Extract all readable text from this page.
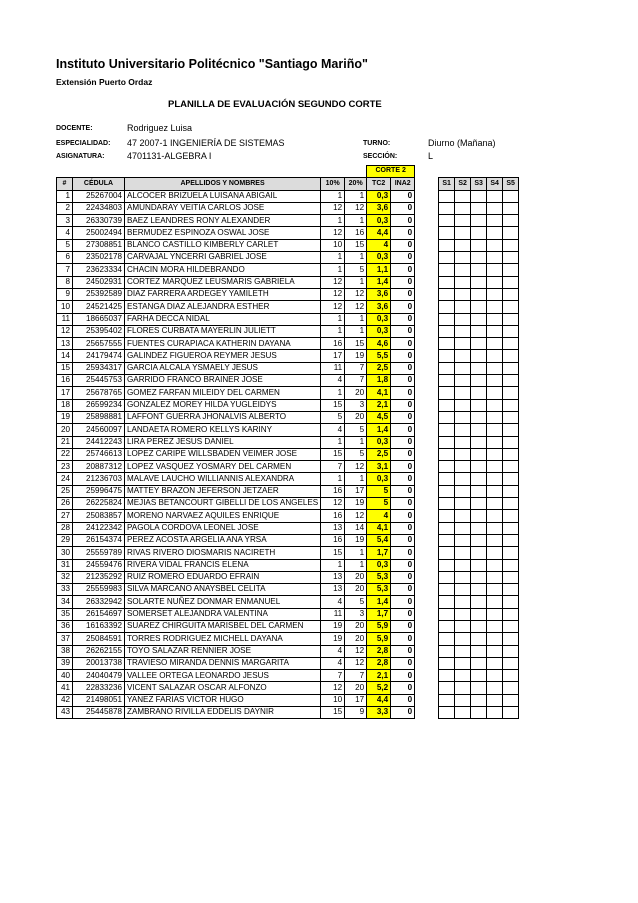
Instituto Universitario Politécnico "Santiago Mariño"
Extensión Puerto Ordaz
PLANILLA DE EVALUACIÓN SEGUNDO CORTE
DOCENTE:	Rodriguez Luisa
ESPECIALIDAD: 47 2007-1 INGENIERÍA DE SISTEMAS
ASIGNATURA:	4701131-ALGEBRA I
TURNO:	Diurno (Mañana)
SECCIÓN:	L
					CORTE 2							
#	CÉDULA	APELLIDOS Y NOMBRES	10%	20%	TC2	INA2		S1	S2	S3	S4	S5
1	25267004	ALCOCER BRIZUELA LUISANA ABIGAIL	1	1	0,3	0						
2	22434803	AMUNDARAY VEITIA CARLOS JOSE	12	12	3,6	0						
3	26330739	BAEZ LEANDRES RONY ALEXANDER	1	1	0,3	0						
4	25002494	BERMUDEZ ESPINOZA OSWAL JOSE	12	16	4,4	0						
5	27308851	BLANCO CASTILLO KIMBERLY CARLET	10	15	4	0						
6	23502178	CARVAJAL YNCERRI GABRIEL JOSE	1	1	0,3	0						
7	23623334	CHACIN MORA HILDEBRANDO	1	5	1,1	0						
8	24502931	CORTEZ MARQUEZ LEUSMARIS GABRIELA	12	1	1,4	0						
9	25392589	DIAZ FARRERA ARDEGEY YAMILETH	12	12	3,6	0						
10	24521425	ESTANGA DIAZ ALEJANDRA ESTHER	12	12	3,6	0						
11	18665037	FARHA DECCA NIDAL	1	1	0,3	0						
12	25395402	FLORES CURBATA MAYERLIN JULIETT	1	1	0,3	0						
13	25657555	FUENTES CURAPIACA KATHERIN DAYANA	16	15	4,6	0						
14	24179474	GALINDEZ FIGUEROA REYMER JESUS	17	19	5,5	0						
15	25934317	GARCIA ALCALA YSMAELY JESUS	11	7	2,5	0						
16	25445753	GARRIDO FRANCO BRAINER JOSE	4	7	1,8	0						
17	25678765	GOMEZ FARFAN MILEIDY DEL CARMEN	1	20	4,1	0						
18	26599234	GONZALEZ MOREY HILDA YUGLEIDYS	15	3	2,1	0						
19	25898881	LAFFONT GUERRA JHONALVIS ALBERTO	5	20	4,5	0						
20	24560097	LANDAETA ROMERO KELLYS KARINY	4	5	1,4	0						
21	24412243	LIRA PEREZ JESUS DANIEL	1	1	0,3	0						
22	25746613	LOPEZ CARIPE WILLSBADEN VEIMER JOSE	15	5	2,5	0						
23	20887312	LOPEZ VASQUEZ YOSMARY DEL CARMEN	7	12	3,1	0						
24	21236703	MALAVE LAUCHO WILLIANNIS ALEXANDRA	1	1	0,3	0						
25	25996475	MATTEY BRAZON JEFERSON JETZAER	16	17	5	0						
26	26225824	MEJIAS BETANCOURT GIBELLI DE LOS ANGELES	12	19	5	0						
27	25083857	MORENO NARVAEZ AQUILES ENRIQUE	16	12	4	0						
28	24122342	PAGOLA CORDOVA LEONEL JOSE	13	14	4,1	0						
29	26154374	PEREZ ACOSTA ARGELIA ANA YRSA	16	19	5,4	0						
30	25559789	RIVAS RIVERO DIOSMARIS NACIRETH	15	1	1,7	0						
31	24559476	RIVERA VIDAL FRANCIS ELENA	1	1	0,3	0						
32	21235292	RUIZ ROMERO EDUARDO EFRAIN	13	20	5,3	0						
33	25559983	SILVA MARCANO ANAYSBEL CELITA	13	20	5,3	0						
34	26332942	SOLARTE NUÑEZ DONMAR ENMANUEL	4	5	1,4	0						
35	26154697	SOMERSET ALEJANDRA VALENTINA	11	3	1,7	0						
36	16163392	SUAREZ CHIRGUITA MARISBEL DEL CARMEN	19	20	5,9	0						
37	25084591	TORRES RODRIGUEZ MICHELL DAYANA	19	20	5,9	0						
38	26262155	TOYO SALAZAR RENNIER JOSE	4	12	2,8	0						
39	20013738	TRAVIESO MIRANDA DENNIS MARGARITA	4	12	2,8	0						
40	24040479	VALLEE ORTEGA LEONARDO JESUS	7	7	2,1	0						
41	22833236	VICENT SALAZAR OSCAR ALFONZO	12	20	5,2	0						
42	21498051	YANEZ FARIAS VICTOR HUGO	10	17	4,4	0						
43	25445878	ZAMBRANO RIVILLA EDDELIS DAYNIR	15	9	3,3	0						
